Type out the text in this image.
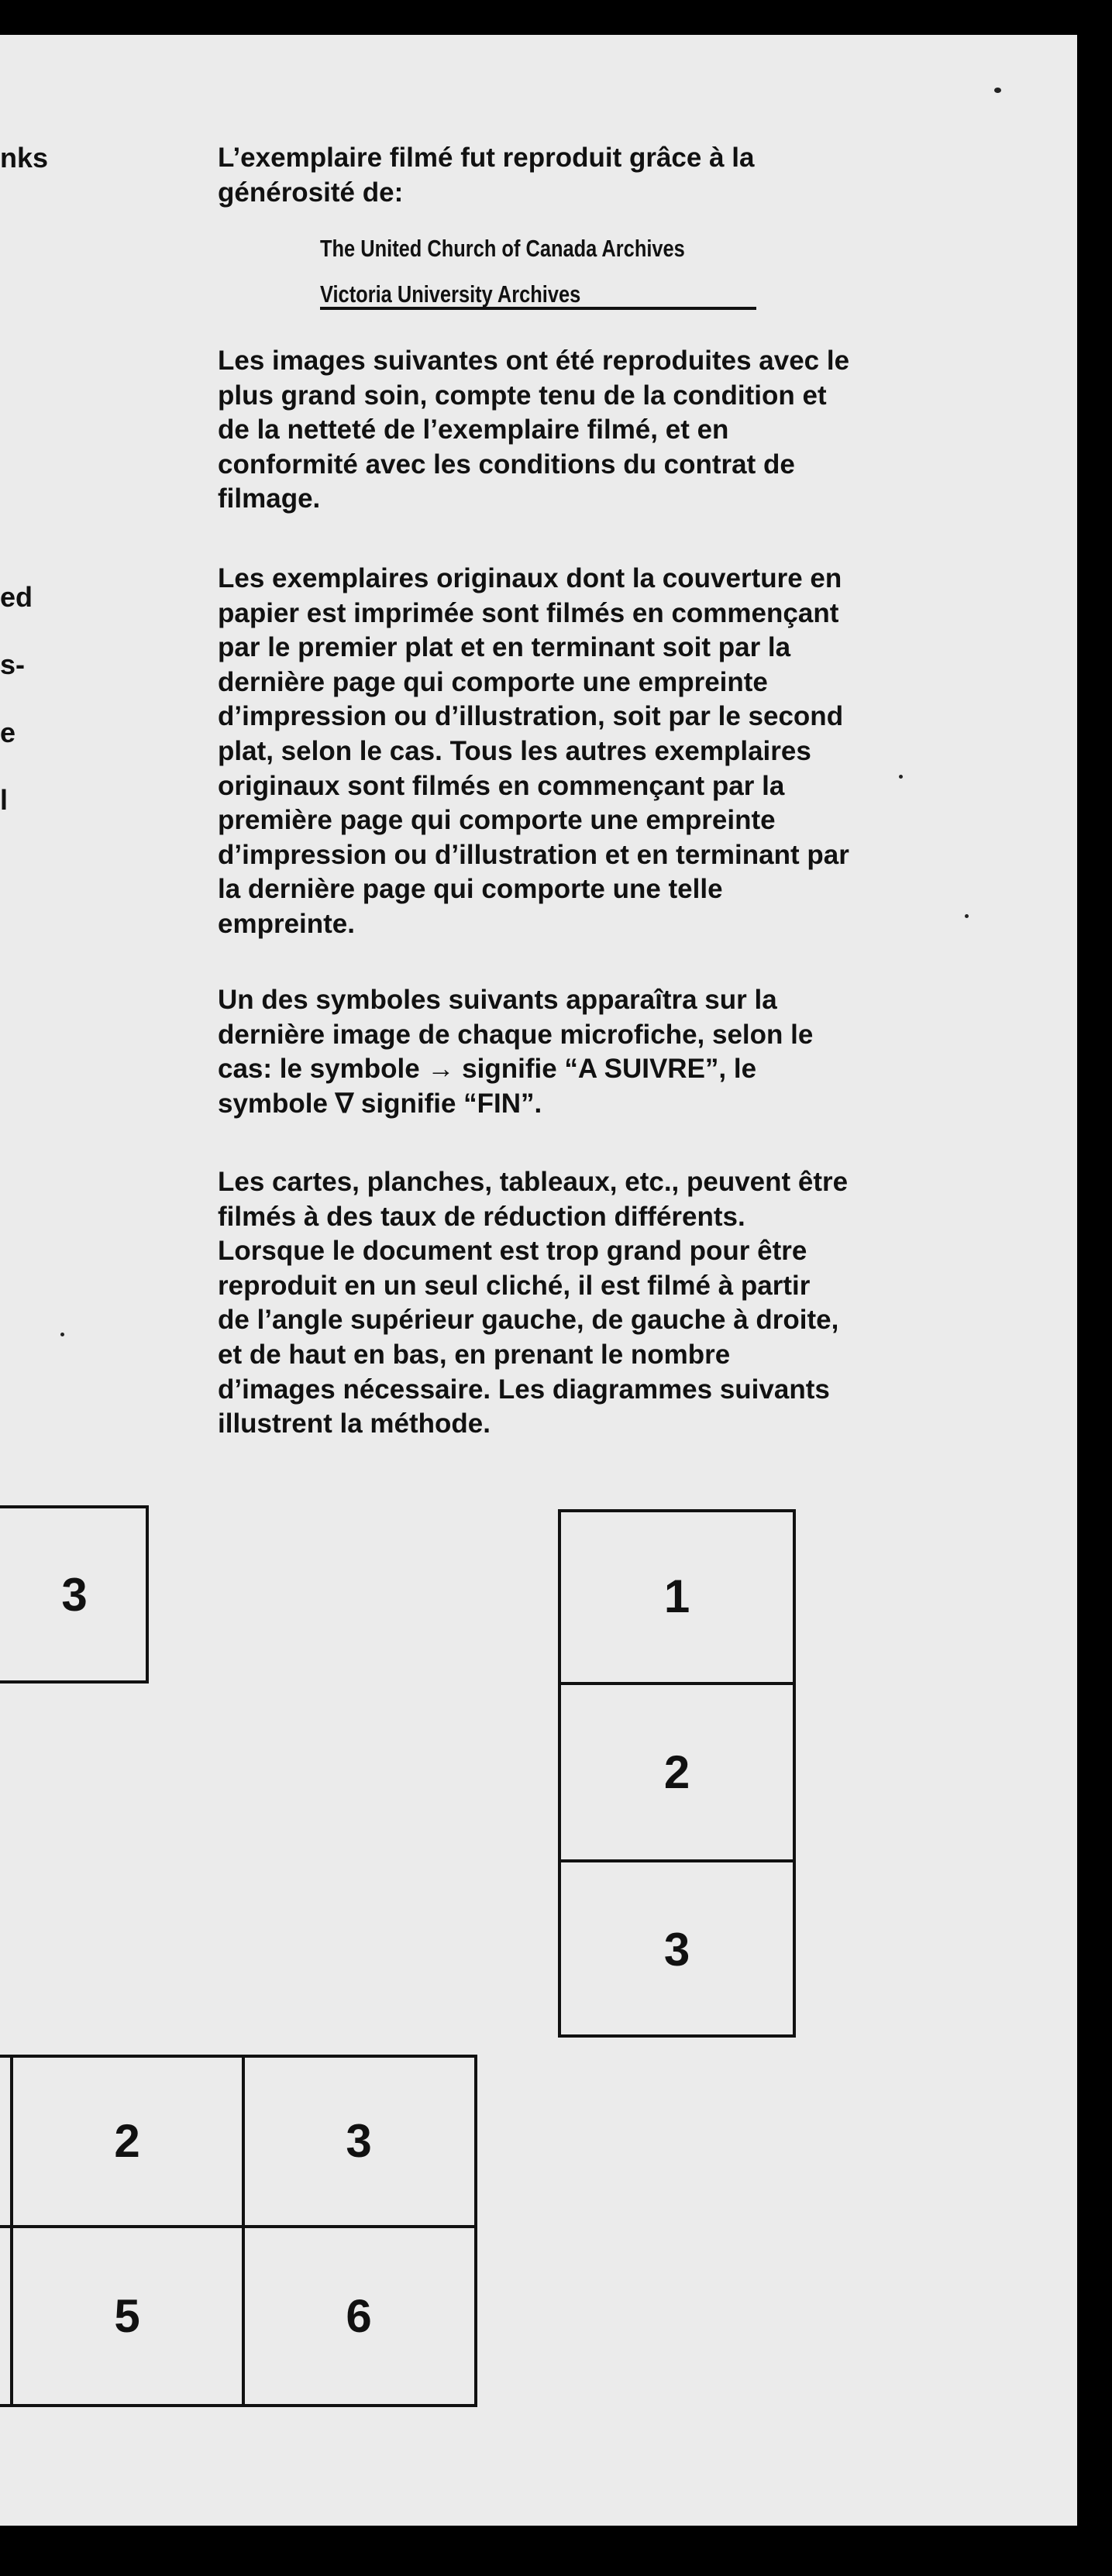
nks
ed
s-
e
l
L’exemplaire filmé fut reproduit grâce à la
générosité de:
The United Church of Canada Archives
Victoria University Archives
Les images suivantes ont été reproduites avec le
plus grand soin, compte tenu de la condition et
de la netteté de l’exemplaire filmé, et en
conformité avec les conditions du contrat de
filmage.
Les exemplaires originaux dont la couverture en
papier est imprimée sont filmés en commençant
par le premier plat et en terminant soit par la
dernière page qui comporte une empreinte
d’impression ou d’illustration, soit par le second
plat, selon le cas. Tous les autres exemplaires
originaux sont filmés en commençant par la
première page qui comporte une empreinte
d’impression ou d’illustration et en terminant par
la dernière page qui comporte une telle
empreinte.
Un des symboles suivants apparaîtra sur la
dernière image de chaque microfiche, selon le
cas: le symbole → signifie “A SUIVRE”, le
symbole ∇ signifie “FIN”.
Les cartes, planches, tableaux, etc., peuvent être
filmés à des taux de réduction différents.
Lorsque le document est trop grand pour être
reproduit en un seul cliché, il est filmé à partir
de l’angle supérieur gauche, de gauche à droite,
et de haut en bas, en prenant le nombre
d’images nécessaire. Les diagrammes suivants
illustrent la méthode.
3	1
2
3
2	3
5	6
